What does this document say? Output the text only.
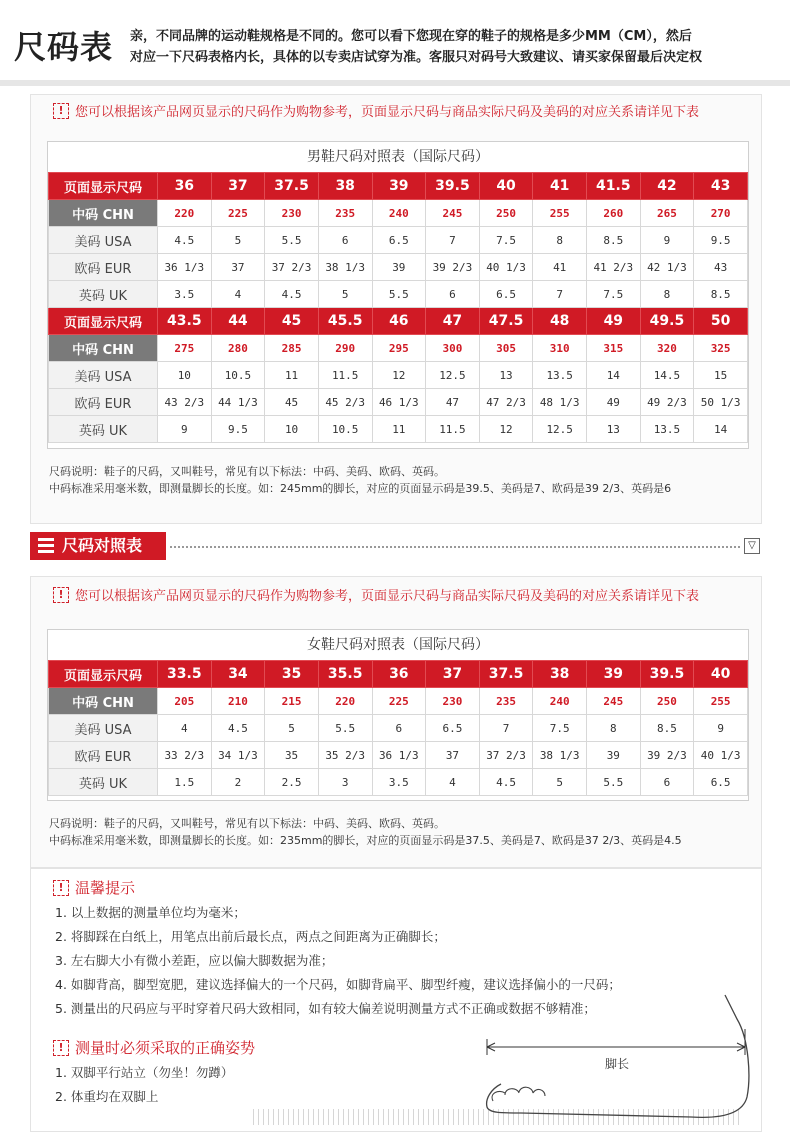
尺码表 亲，不同品牌的运动鞋规格是不同的。您可以看下您现在穿的鞋子的规格是多少MM（CM），然后
对应一下尺码表格内长，具体的以专卖店试穿为准。客服只对码号大致建议、请买家保留最后决定权
! 您可以根据该产品网页显示的尺码作为购物参考，页面显示尺码与商品实际尺码及美码的对应关系请详见下表
男鞋尺码对照表（国际尺码）
页面显示尺码	36	37	37.5	38	39	39.5	40	41	41.5	42	43
中码 CHN	220	225	230	235	240	245	250	255	260	265	270
美码 USA	4.5	5	5.5	6	6.5	7	7.5	8	8.5	9	9.5
欧码 EUR	36 1/3	37	37 2/3	38 1/3	39	39 2/3	40 1/3	41	41 2/3	42 1/3	43
英码 UK	3.5	4	4.5	5	5.5	6	6.5	7	7.5	8	8.5
页面显示尺码	43.5	44	45	45.5	46	47	47.5	48	49	49.5	50
中码 CHN	275	280	285	290	295	300	305	310	315	320	325
美码 USA	10	10.5	11	11.5	12	12.5	13	13.5	14	14.5	15
欧码 EUR	43 2/3	44 1/3	45	45 2/3	46 1/3	47	47 2/3	48 1/3	49	49 2/3	50 1/3
英码 UK	9	9.5	10	10.5	11	11.5	12	12.5	13	13.5	14
尺码说明：鞋子的尺码，又叫鞋号，常见有以下标法：中码、美码、欧码、英码。
中码标准采用毫米数，即测量脚长的长度。如：245mm的脚长，对应的页面显示码是39.5、美码是7、欧码是39 2/3、英码是6
尺码对照表	▽
! 您可以根据该产品网页显示的尺码作为购物参考，页面显示尺码与商品实际尺码及美码的对应关系请详见下表
女鞋尺码对照表（国际尺码）
页面显示尺码	33.5	34	35	35.5	36	37	37.5	38	39	39.5	40
中码 CHN	205	210	215	220	225	230	235	240	245	250	255
美码 USA	4	4.5	5	5.5	6	6.5	7	7.5	8	8.5	9
欧码 EUR	33 2/3	34 1/3	35	35 2/3	36 1/3	37	37 2/3	38 1/3	39	39 2/3	40 1/3
英码 UK	1.5	2	2.5	3	3.5	4	4.5	5	5.5	6	6.5
尺码说明：鞋子的尺码，又叫鞋号，常见有以下标法：中码、美码、欧码、英码。
中码标准采用毫米数，即测量脚长的长度。如：235mm的脚长，对应的页面显示码是37.5、美码是7、欧码是37 2/3、英码是4.5
! 温馨提示
1. 以上数据的测量单位均为毫米；
2. 将脚踩在白纸上，用笔点出前后最长点，两点之间距离为正确脚长；
3. 左右脚大小有微小差距，应以偏大脚数据为准；
4. 如脚背高，脚型宽肥，建议选择偏大的一个尺码，如脚背扁平、脚型纤瘦，建议选择偏小的一尺码；
5. 测量出的尺码应与平时穿着尺码大致相同，如有较大偏差说明测量方式不正确或数据不够精准；
! 测量时必须采取的正确姿势
1. 双脚平行站立（勿坐！勿蹲）
2. 体重均在双脚上
脚长
